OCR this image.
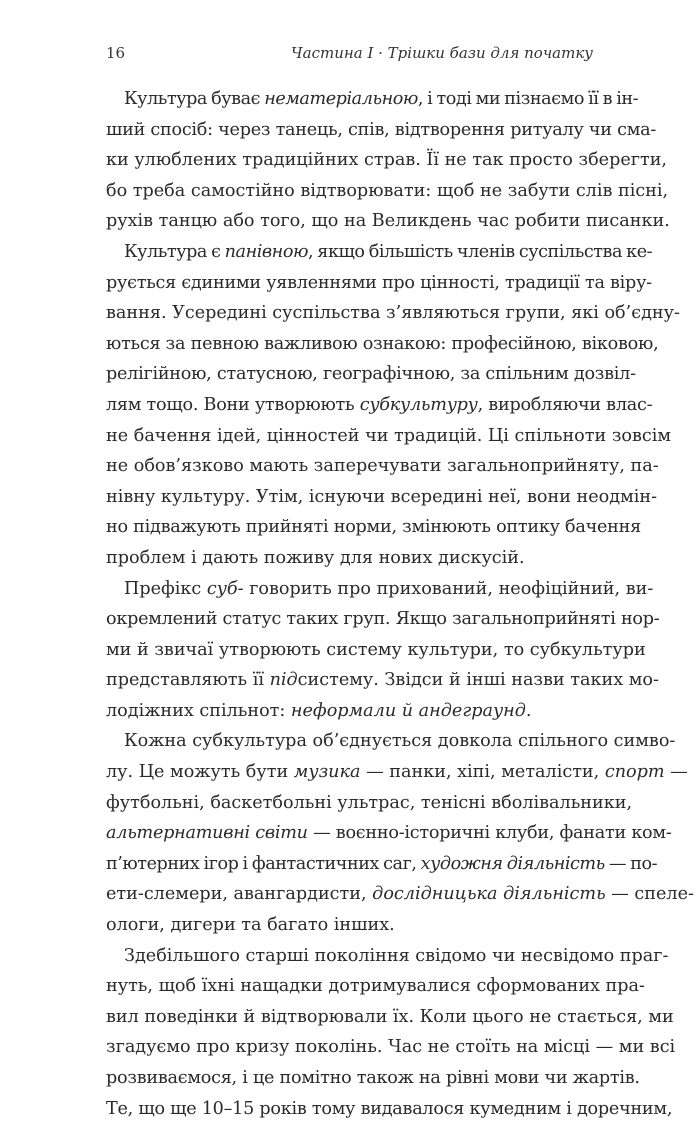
16	Частина I · Трішки бази для початку
Культура буває нематеріальною, і тоді ми пізнаємо її в ін-
ший спосіб: через танець, спів, відтворення ритуалу чи сма-
ки улюблених традиційних страв. Її не так просто зберегти,
бо треба самостійно відтворювати: щоб не забути слів пісні,
рухів танцю або того, що на Великдень час робити писанки.
Культура є панівною, якщо більшість членів суспільства ке-
рується єдиними уявленнями про цінності, традиції та віру-
вання. Усередині суспільства з’являються групи, які об’єдну-
ються за певною важливою ознакою: професійною, віковою,
релігійною, статусною, географічною, за спільним дозвіл-
лям тощо. Вони утворюють субкультуру, виробляючи влас-
не бачення ідей, цінностей чи традицій. Ці спільноти зовсім
не обов’язково мають заперечувати загальноприйняту, па-
нівну культуру. Утім, існуючи всередині неї, вони неодмін-
но підважують прийняті норми, змінюють оптику бачення
проблем і дають поживу для нових дискусій.
Префікс суб- говорить про прихований, неофіційний, ви-
окремлений статус таких груп. Якщо загальноприйняті нор-
ми й звичаї утворюють систему культури, то субкультури
представляють її підсистему. Звідси й інші назви таких мо-
лодіжних спільнот: неформали й андеграунд.
Кожна субкультура об’єднується довкола спільного симво-
лу. Це можуть бути музика — панки, хіпі, металісти, спорт —
футбольні, баскетбольні ультрас, тенісні вболівальники,
альтернативні світи — воєнно-історичні клуби, фанати ком-
п’ютерних ігор і фантастичних саг, художня діяльність — по-
ети-слемери, авангардисти, дослідницька діяльність — спеле-
ологи, дигери та багато інших.
Здебільшого старші покоління свідомо чи несвідомо праг-
нуть, щоб їхні нащадки дотримувалися сформованих пра-
вил поведінки й відтворювали їх. Коли цього не стається, ми
згадуємо про кризу поколінь. Час не стоїть на місці — ми всі
розвиваємося, і це помітно також на рівні мови чи жартів.
Те, що ще 10–15 років тому видавалося кумедним і доречним,
